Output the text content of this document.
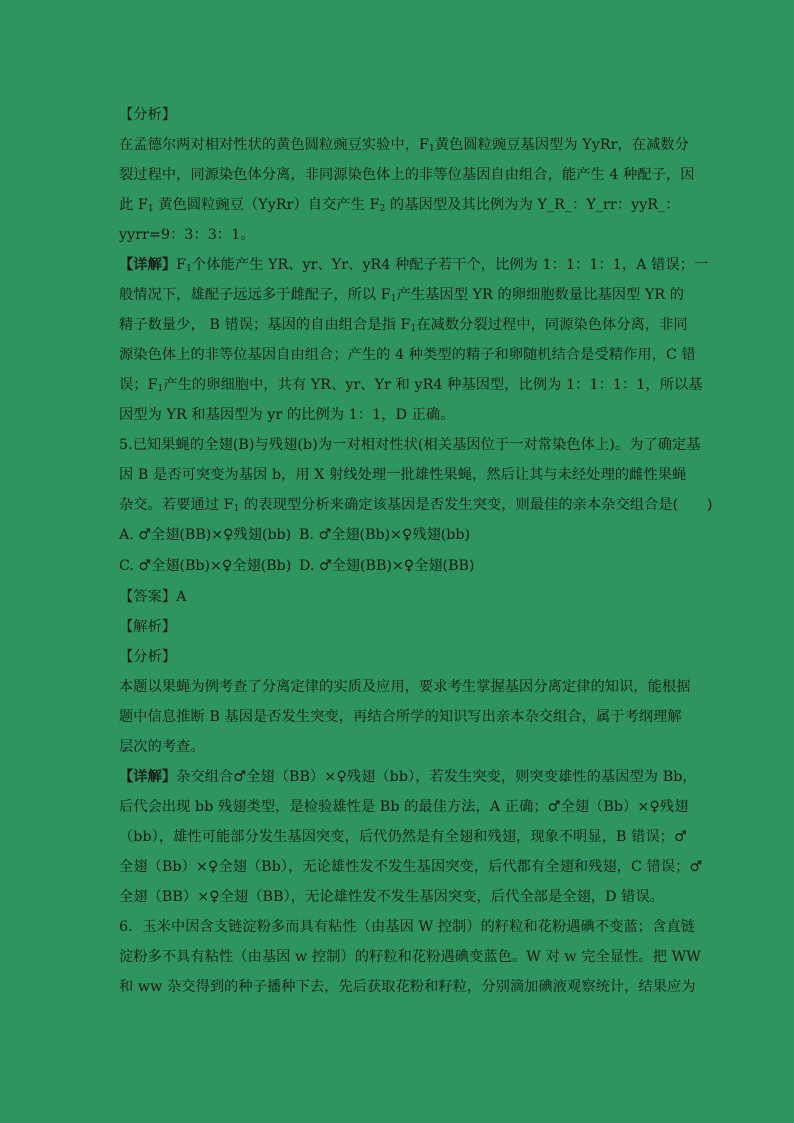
【分析】
在孟德尔两对相对性状的黄色圆粒豌豆实验中，$F_1$黄色圆粒豌豆基因型为 YyRr，在减数分
裂过程中，同源染色体分离，非同源染色体上的非等位基因自由组合，能产生 4 种配子，因
此 $F_1$ 黄色圆粒豌豆（YyRr）自交产生 $F_2$ 的基因型及其比例为为 Y_R_：Y_rr：yyR_：
yyrr=9：3：3：1。
【详解】$F_1$个体能产生 YR、yr、Yr、yR4 种配子若干个，比例为 1：1：1：1，A 错误；一
般情况下，雄配子远远多于雌配子，所以 $F_1$产生基因型 YR 的卵细胞数量比基因型 YR 的
精子数量少， B 错误；基因的自由组合是指 $F_1$在减数分裂过程中，同源染色体分离，非同
源染色体上的非等位基因自由组合；产生的 4 种类型的精子和卵随机结合是受精作用，C 错
误；$F_1$产生的卵细胞中，共有 YR、yr、Yr 和 yR4 种基因型，比例为 1：1：1：1，所以基
因型为 YR 和基因型为 yr 的比例为 1：1，D 正确。
5.已知果蝇的全翅(B)与残翅(b)为一对相对性状(相关基因位于一对常染色体上)。为了确定基
因 B 是否可突变为基因 b，用 X 射线处理一批雄性果蝇，然后让其与未经处理的雌性果蝇
杂交。若要通过 $F_1$ 的表现型分析来确定该基因是否发生突变，则最佳的亲本杂交组合是(　　)
A. ♂全翅(BB)×♀残翅(bb) B. ♂全翅(Bb)×♀残翅(bb)
C. ♂全翅(Bb)×♀全翅(Bb) D. ♂全翅(BB)×♀全翅(BB)
【答案】A
【解析】
【分析】
本题以果蝇为例考查了分离定律的实质及应用，要求考生掌握基因分离定律的知识，能根据
题中信息推断 B 基因是否发生突变，再结合所学的知识写出亲本杂交组合，属于考纲理解
层次的考查。
【详解】杂交组合♂全翅（BB）×♀残翅（bb），若发生突变，则突变雄性的基因型为 Bb，
后代会出现 bb 残翅类型，是检验雄性是 Bb 的最佳方法，A 正确；♂全翅（Bb）×♀残翅
（bb），雄性可能部分发生基因突变，后代仍然是有全翅和残翅，现象不明显，B 错误；♂
全翅（Bb）×♀全翅（Bb），无论雄性发不发生基因突变，后代都有全翅和残翅，C 错误；♂
全翅（BB）×♀全翅（BB），无论雄性发不发生基因突变，后代全部是全翅，D 错误。
6．玉米中因含支链淀粉多而具有粘性（由基因 W 控制）的籽粒和花粉遇碘不变蓝；含直链
淀粉多不具有粘性（由基因 w 控制）的籽粒和花粉遇碘变蓝色。W 对 w 完全显性。把 WW
和 ww 杂交得到的种子播种下去，先后获取花粉和籽粒，分别滴加碘液观察统计，结果应为
